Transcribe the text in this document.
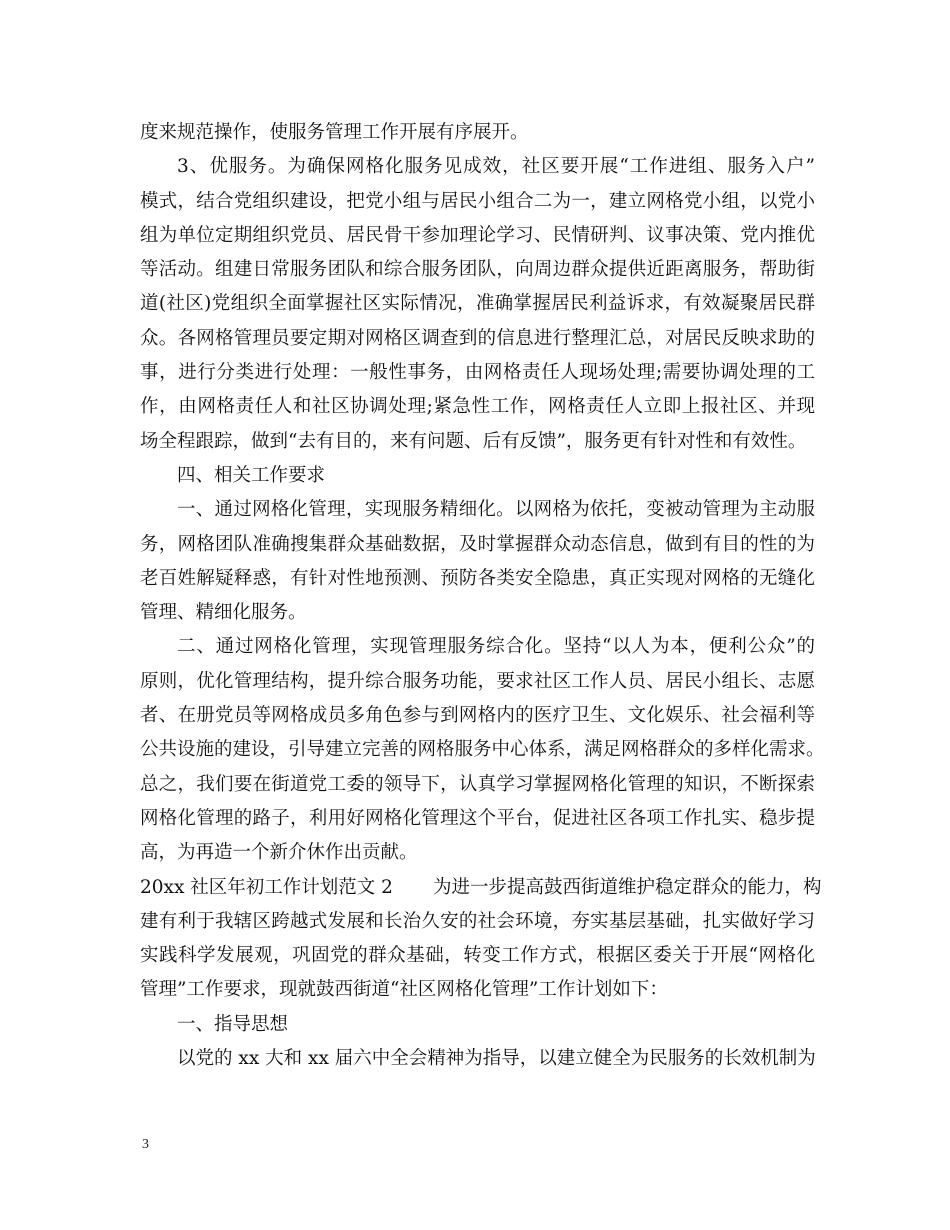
度来规范操作，使服务管理工作开展有序展开。
3、优服务。为确保网格化服务见成效，社区要开展“工作进组、服务入户”
模式，结合党组织建设，把党小组与居民小组合二为一，建立网格党小组，以党小
组为单位定期组织党员、居民骨干参加理论学习、民情研判、议事决策、党内推优
等活动。组建日常服务团队和综合服务团队，向周边群众提供近距离服务，帮助街
道(社区)党组织全面掌握社区实际情况，准确掌握居民利益诉求，有效凝聚居民群
众。各网格管理员要定期对网格区调查到的信息进行整理汇总，对居民反映求助的
事，进行分类进行处理：一般性事务，由网格责任人现场处理;需要协调处理的工
作，由网格责任人和社区协调处理;紧急性工作，网格责任人立即上报社区、并现
场全程跟踪，做到“去有目的，来有问题、后有反馈”，服务更有针对性和有效性。
四、相关工作要求
一、通过网格化管理，实现服务精细化。以网格为依托，变被动管理为主动服
务，网格团队准确搜集群众基础数据，及时掌握群众动态信息，做到有目的性的为
老百姓解疑释惑，有针对性地预测、预防各类安全隐患，真正实现对网格的无缝化
管理、精细化服务。
二、通过网格化管理，实现管理服务综合化。坚持“以人为本，便利公众”的
原则，优化管理结构，提升综合服务功能，要求社区工作人员、居民小组长、志愿
者、在册党员等网格成员多角色参与到网格内的医疗卫生、文化娱乐、社会福利等
公共设施的建设，引导建立完善的网格服务中心体系，满足网格群众的多样化需求。
总之，我们要在街道党工委的领导下，认真学习掌握网格化管理的知识，不断探索
网格化管理的路子，利用好网格化管理这个平台，促进社区各项工作扎实、稳步提
高，为再造一个新介休作出贡献。
20xx 社区年初工作计划范文 2 为进一步提高鼓西街道维护稳定群众的能力，构
建有利于我辖区跨越式发展和长治久安的社会环境，夯实基层基础，扎实做好学习
实践科学发展观，巩固党的群众基础，转变工作方式，根据区委关于开展“网格化
管理”工作要求，现就鼓西街道“社区网格化管理”工作计划如下：
一、指导思想
以党的 xx 大和 xx 届六中全会精神为指导，以建立健全为民服务的长效机制为
3
